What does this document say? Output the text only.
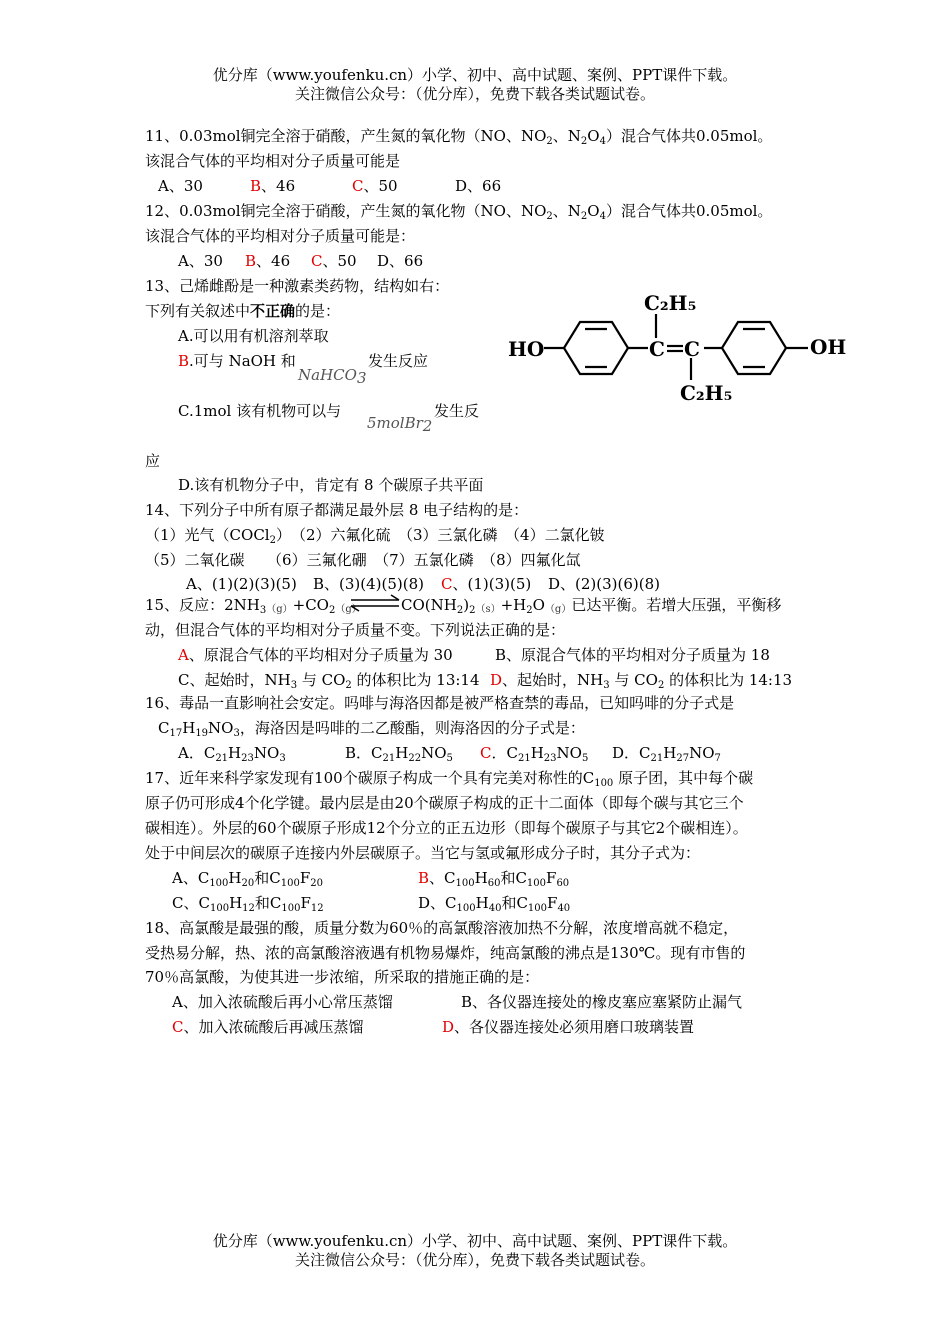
优分库（www.youfenku.cn）小学、初中、高中试题、案例、PPT课件下载。
关注微信公众号：（优分库），免费下载各类试题试卷。
11、0.03mol铜完全溶于硝酸，产生氮的氧化物（NO、$NO_2$、$N_2O_4$）混合气体共0.05mol。
该混合气体的平均相对分子质量可能是
A、30	B、46	C、50	D、66
12、0.03mol铜完全溶于硝酸，产生氮的氧化物（NO、$NO_2$、$N_2O_4$）混合气体共0.05mol。
该混合气体的平均相对分子质量可能是：
A、30 B、46 C、50 D、66
13、己烯雌酚是一种激素类药物，结构如右：
下列有关叙述中不正确的是：
A.可以用有机溶剂萃取
B.可与 NaOH 和
NaHCO3
发生反应
C.1mol 该有机物可以与
5molBr2
发生反
应
D.该有机物分子中，肯定有 8 个碳原子共平面
C₂H₅
C₂H₅
HO	OH
C C
14、下列分子中所有原子都满足最外层 8 电子结构的是：
（1）光气（COCl$_2$）　（2）六氟化硫　（3）三氯化磷　（4）二氯化铍
（5）二氧化碳　　（6）三氟化硼　（7）五氯化磷　（8）四氟化氙
A、(1)(2)(3)(5) B、(3)(4)(5)(8) C、(1)(3)(5) D、(2)(3)(6)(8)
15、反应：$2NH_3(g)+CO_2(g)$ ⇌ $CO(NH_2)_2(s)+H_2O(g)$已达平衡。若增大压强，平衡移
动，但混合气体的平均相对分子质量不变。下列说法正确的是：
A、原混合气体的平均相对分子质量为 30	B、原混合气体的平均相对分子质量为 18
C、起始时，$NH_3$ 与 $CO_2$ 的体积比为 13:14 D、起始时，$NH_3$ 与 $CO_2$ 的体积比为 14:13
16、毒品一直影响社会安定。吗啡与海洛因都是被严格查禁的毒品，已知吗啡的分子式是
$C_{17}H_{19}NO_3$，海洛因是吗啡的二乙酸酯，则海洛因的分子式是：
A．$C_{21}H_{23}NO_3$	B．$C_{21}H_{22}NO_5$ C．$C_{21}H_{23}NO_5$ D．$C_{21}H_{27}NO_7$
17、近年来科学家发现有100个碳原子构成一个具有完美对称性的$C_{100}$ 原子团，其中每个碳
原子仍可形成4个化学键。最内层是由20个碳原子构成的正十二面体（即每个碳与其它三个
碳相连）。外层的60个碳原子形成12个分立的正五边形（即每个碳原子与其它2个碳相连）。
处于中间层次的碳原子连接内外层碳原子。当它与氢或氟形成分子时，其分子式为：
A、$C_{100}H_{20}$和$C_{100}F_{20}$	B、$C_{100}H_{60}$和$C_{100}F_{60}$
C、$C_{100}H_{12}$和$C_{100}F_{12}$	D、$C_{100}H_{40}$和$C_{100}F_{40}$
18、高氯酸是最强的酸，质量分数为60％的高氯酸溶液加热不分解，浓度增高就不稳定，
受热易分解，热、浓的高氯酸溶液遇有机物易爆炸，纯高氯酸的沸点是130℃。现有市售的
70％高氯酸，为使其进一步浓缩，所采取的措施正确的是：
A、加入浓硫酸后再小心常压蒸馏	B、各仪器连接处的橡皮塞应塞紧防止漏气
C、加入浓硫酸后再减压蒸馏	D、各仪器连接处必须用磨口玻璃装置
优分库（www.youfenku.cn）小学、初中、高中试题、案例、PPT课件下载。
关注微信公众号：（优分库），免费下载各类试题试卷。
